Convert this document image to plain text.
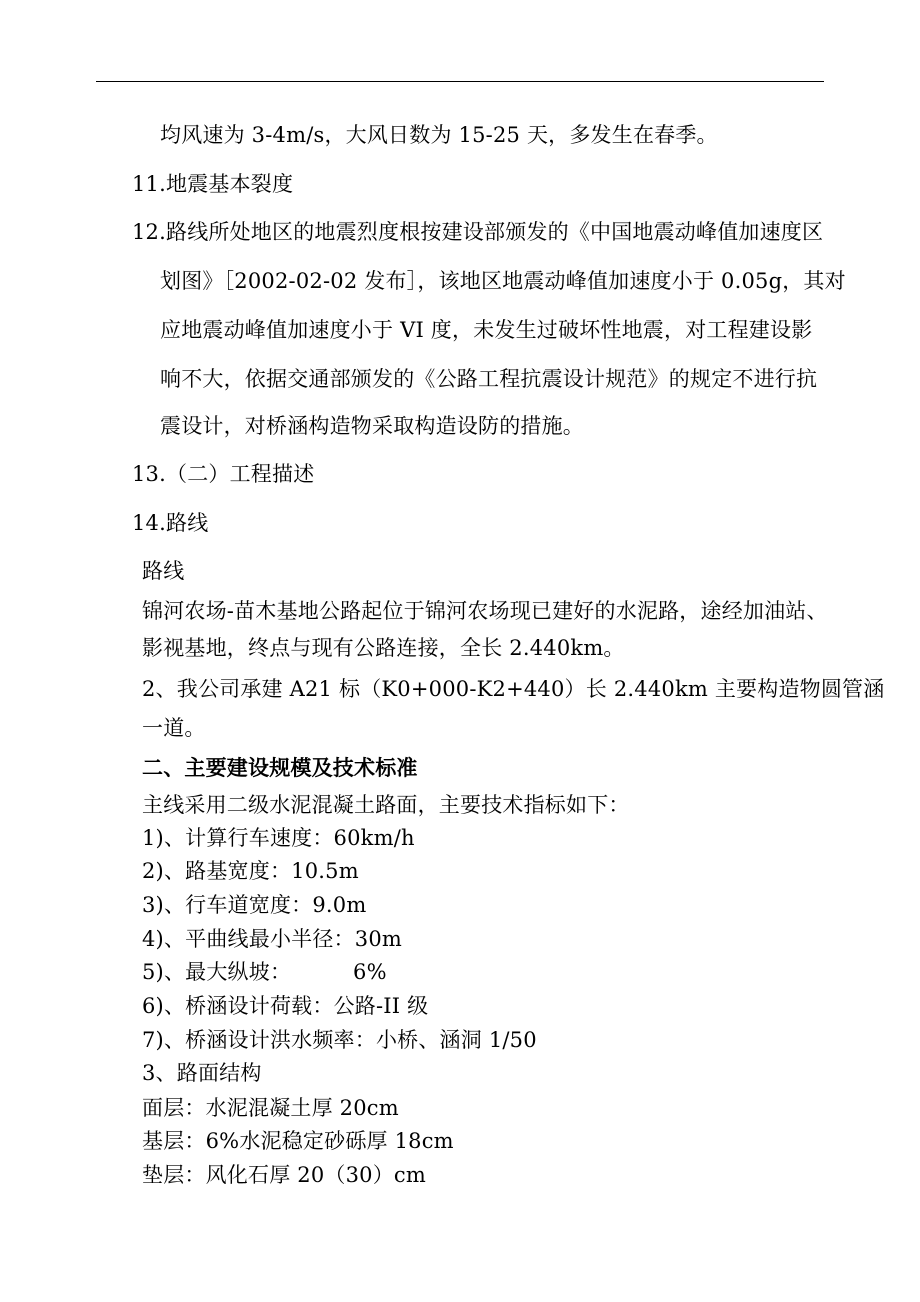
均风速为 3-4m/s，大风日数为 15-25 天，多发生在春季。
11.地震基本裂度
12.路线所处地区的地震烈度根按建设部颁发的《中国地震动峰值加速度区
划图》［2002-02-02 发布］，该地区地震动峰值加速度小于 0.05g，其对
应地震动峰值加速度小于 VI 度，未发生过破坏性地震，对工程建设影
响不大，依据交通部颁发的《公路工程抗震设计规范》的规定不进行抗
震设计，对桥涵构造物采取构造设防的措施。
13.（二）工程描述
14.路线
路线
锦河农场-苗木基地公路起位于锦河农场现已建好的水泥路，途经加油站、
影视基地，终点与现有公路连接，全长 2.440km。
2、我公司承建 A21 标（K0+000-K2+440）长 2.440km 主要构造物圆管涵
一道。
二、主要建设规模及技术标准
主线采用二级水泥混凝土路面，主要技术指标如下：
1)、计算行车速度：60km/h
2)、路基宽度：10.5m
3)、行车道宽度：9.0m
4)、平曲线最小半径：30m
5)、最大纵坡：         6%
6)、桥涵设计荷载：公路-II 级
7)、桥涵设计洪水频率：小桥、涵洞 1/50
3、路面结构
面层：水泥混凝土厚 20cm
基层：6%水泥稳定砂砾厚 18cm
垫层：风化石厚 20（30）cm
